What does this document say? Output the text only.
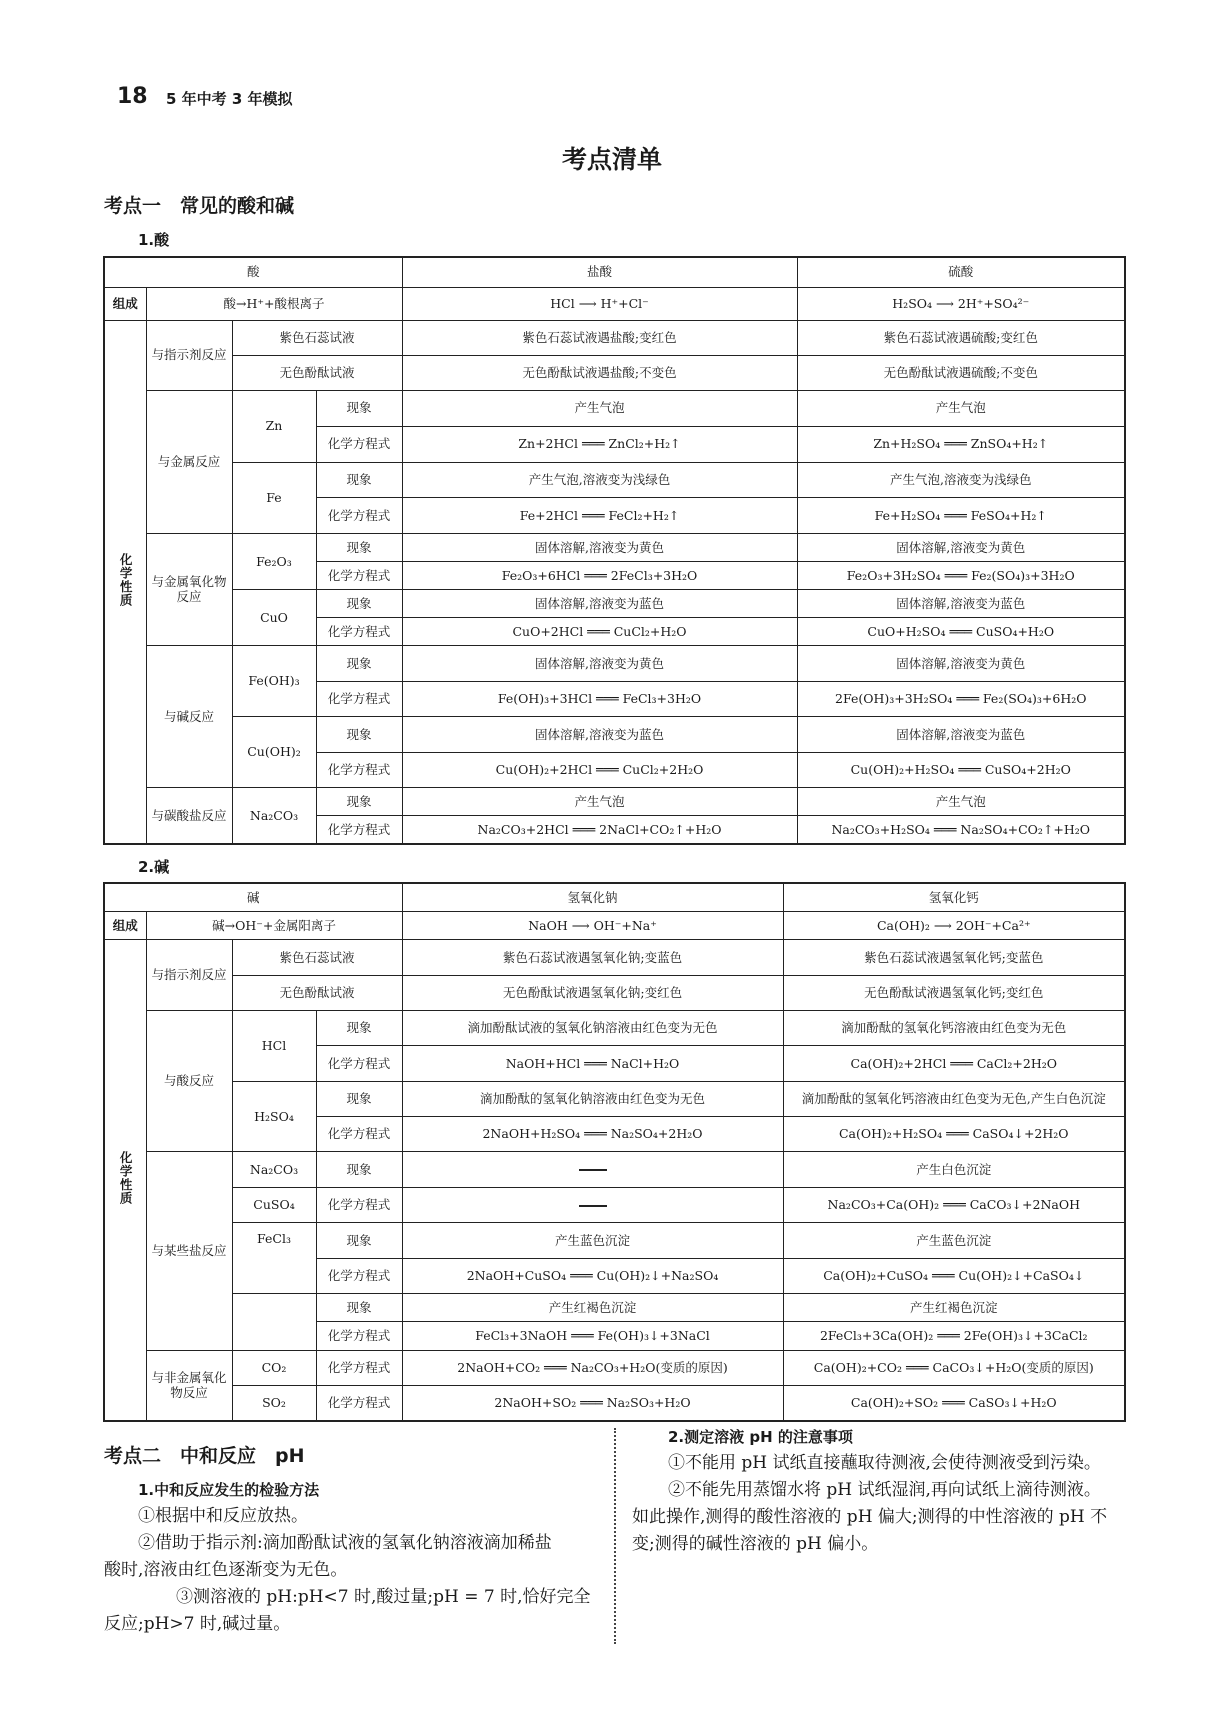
18 5 年中考 3 年模拟
考点清单
考点一　常见的酸和碱
1.酸
酸				盐酸	硫酸
组成	酸→H⁺+酸根离子			HCl ⟶ H⁺+Cl⁻	H₂SO₄ ⟶ 2H⁺+SO₄²⁻
化学性质	与指示剂反应	紫色石蕊试液		紫色石蕊试液遇盐酸;变红色	紫色石蕊试液遇硫酸;变红色
		无色酚酞试液		无色酚酞试液遇盐酸;不变色	无色酚酞试液遇硫酸;不变色
	与金属反应	Zn	现象	产生气泡	产生气泡
			化学方程式	Zn+2HCl ═══ ZnCl₂+H₂↑	Zn+H₂SO₄ ═══ ZnSO₄+H₂↑
		Fe	现象	产生气泡,溶液变为浅绿色	产生气泡,溶液变为浅绿色
			化学方程式	Fe+2HCl ═══ FeCl₂+H₂↑	Fe+H₂SO₄ ═══ FeSO₄+H₂↑
	与金属氧化物反应	Fe₂O₃	现象	固体溶解,溶液变为黄色	固体溶解,溶液变为黄色
			化学方程式	Fe₂O₃+6HCl ═══ 2FeCl₃+3H₂O	Fe₂O₃+3H₂SO₄ ═══ Fe₂(SO₄)₃+3H₂O
		CuO	现象	固体溶解,溶液变为蓝色	固体溶解,溶液变为蓝色
			化学方程式	CuO+2HCl ═══ CuCl₂+H₂O	CuO+H₂SO₄ ═══ CuSO₄+H₂O
	与碱反应	Fe(OH)₃	现象	固体溶解,溶液变为黄色	固体溶解,溶液变为黄色
			化学方程式	Fe(OH)₃+3HCl ═══ FeCl₃+3H₂O	2Fe(OH)₃+3H₂SO₄ ═══ Fe₂(SO₄)₃+6H₂O
		Cu(OH)₂	现象	固体溶解,溶液变为蓝色	固体溶解,溶液变为蓝色
			化学方程式	Cu(OH)₂+2HCl ═══ CuCl₂+2H₂O	Cu(OH)₂+H₂SO₄ ═══ CuSO₄+2H₂O
	与碳酸盐反应	Na₂CO₃	现象	产生气泡	产生气泡
			化学方程式	Na₂CO₃+2HCl ═══ 2NaCl+CO₂↑+H₂O	Na₂CO₃+H₂SO₄ ═══ Na₂SO₄+CO₂↑+H₂O
2.碱
碱				氢氧化钠	氢氧化钙
组成	碱→OH⁻+金属阳离子			NaOH ⟶ OH⁻+Na⁺	Ca(OH)₂ ⟶ 2OH⁻+Ca²⁺
化学性质	与指示剂反应	紫色石蕊试液		紫色石蕊试液遇氢氧化钠;变蓝色	紫色石蕊试液遇氢氧化钙;变蓝色
		无色酚酞试液		无色酚酞试液遇氢氧化钠;变红色	无色酚酞试液遇氢氧化钙;变红色
	与酸反应	HCl	现象	滴加酚酞试液的氢氧化钠溶液由红色变为无色	滴加酚酞的氢氧化钙溶液由红色变为无色
			化学方程式	NaOH+HCl ═══ NaCl+H₂O	Ca(OH)₂+2HCl ═══ CaCl₂+2H₂O
		H₂SO₄	现象	滴加酚酞的氢氧化钠溶液由红色变为无色	滴加酚酞的氢氧化钙溶液由红色变为无色,产生白色沉淀
			化学方程式	2NaOH+H₂SO₄ ═══ Na₂SO₄+2H₂O	Ca(OH)₂+H₂SO₄ ═══ CaSO₄↓+2H₂O
	与某些盐反应	Na₂CO₃	现象		产生白色沉淀
		CuSO₄	化学方程式		Na₂CO₃+Ca(OH)₂ ═══ CaCO₃↓+2NaOH
		FeCl₃	现象	产生蓝色沉淀	产生蓝色沉淀
			化学方程式	2NaOH+CuSO₄ ═══ Cu(OH)₂↓+Na₂SO₄	Ca(OH)₂+CuSO₄ ═══ Cu(OH)₂↓+CaSO₄↓
			现象	产生红褐色沉淀	产生红褐色沉淀
			化学方程式	FeCl₃+3NaOH ═══ Fe(OH)₃↓+3NaCl	2FeCl₃+3Ca(OH)₂ ═══ 2Fe(OH)₃↓+3CaCl₂
	与非金属氧化物反应	CO₂	化学方程式	2NaOH+CO₂ ═══ Na₂CO₃+H₂O(变质的原因)	Ca(OH)₂+CO₂ ═══ CaCO₃↓+H₂O(变质的原因)
		SO₂	化学方程式	2NaOH+SO₂ ═══ Na₂SO₃+H₂O	Ca(OH)₂+SO₂ ═══ CaSO₃↓+H₂O
考点二　中和反应　pH
1.中和反应发生的检验方法
①根据中和反应放热。
②借助于指示剂:滴加酚酞试液的氢氧化钠溶液滴加稀盐
酸时,溶液由红色逐渐变为无色。
③测溶液的 pH:pH<7 时,酸过量;pH = 7 时,恰好完全
反应;pH>7 时,碱过量。
2.测定溶液 pH 的注意事项
①不能用 pH 试纸直接蘸取待测液,会使待测液受到污染。
②不能先用蒸馏水将 pH 试纸湿润,再向试纸上滴待测液。
如此操作,测得的酸性溶液的 pH 偏大;测得的中性溶液的 pH 不
变;测得的碱性溶液的 pH 偏小。
